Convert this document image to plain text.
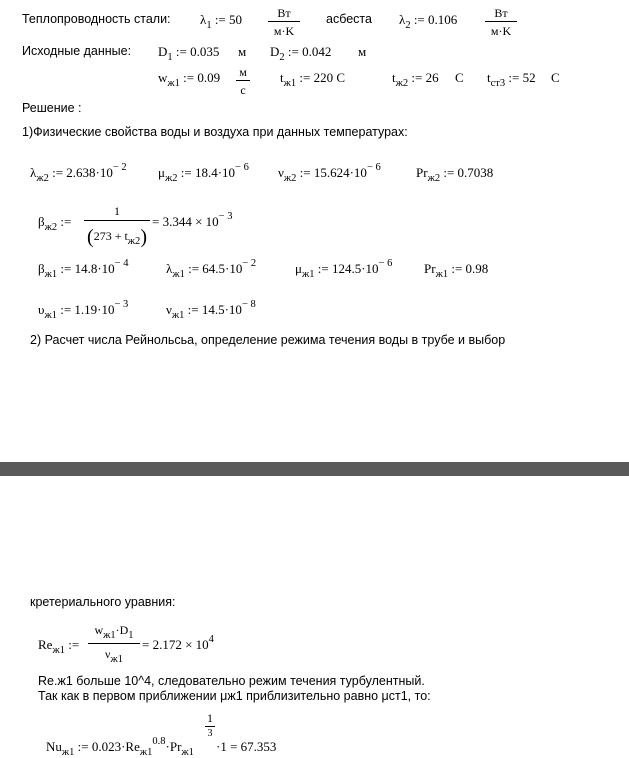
Теплопроводность стали: $\lambda_1$ := 50	Вт
м·K
асбеста $\lambda_2$ := 0.106	Вт
м·K
Исходные данные: $D_1$ := 0.035 м $D_2$ := 0.042 м
$w_{ж1}$ := 0.09 м
с
$t_{ж1}$ := 220 C	$t_{ж2}$ := 26 C $t_{ст3}$ := 52 C
Решение :
1)Физические свойства воды и воздуха при данных температурах:
$\lambda_{ж2}$ := $2.638\cdot 10^{- 2}$ $\mu_{ж2}$ := $18.4\cdot 10^{- 6}$ $\nu_{ж2}$ := $15.624\cdot 10^{- 6}$	$Pr_{ж2}$ := 0.7038
$\beta_{ж2}$ :=
1
(273 + tж2)
= $3.344 \times 10^{- 3}$
$\beta_{ж1}$ := $14.8\cdot 10^{- 4}$	$\lambda_{ж1}$ := $64.5\cdot 10^{- 2}$	$\mu_{ж1}$ := $124.5\cdot 10^{- 6}$ $Pr_{ж1}$ := 0.98
$\upsilon_{ж1}$ := $1.19\cdot 10^{- 3}$	$\nu_{ж1}$ := $14.5\cdot 10^{- 8}$
2) Расчет числа Рейнольсьа, определение режима течения воды в трубе и выбор
кретериального уравния:
$Re_{ж1}$ :=
wж1·D1
νж1
= $2.172 \times 10^4$
Re.ж1 больше 10^4, следовательно режим течения турбулентный.
Так как в первом приближении μж1 приблизительно равно μст1, то:
$Nu_{ж1}$ := $0.023\cdot Re_{ж1}^{0.8}\cdot Pr_{ж1}$
1
3
·1 = 67.353
